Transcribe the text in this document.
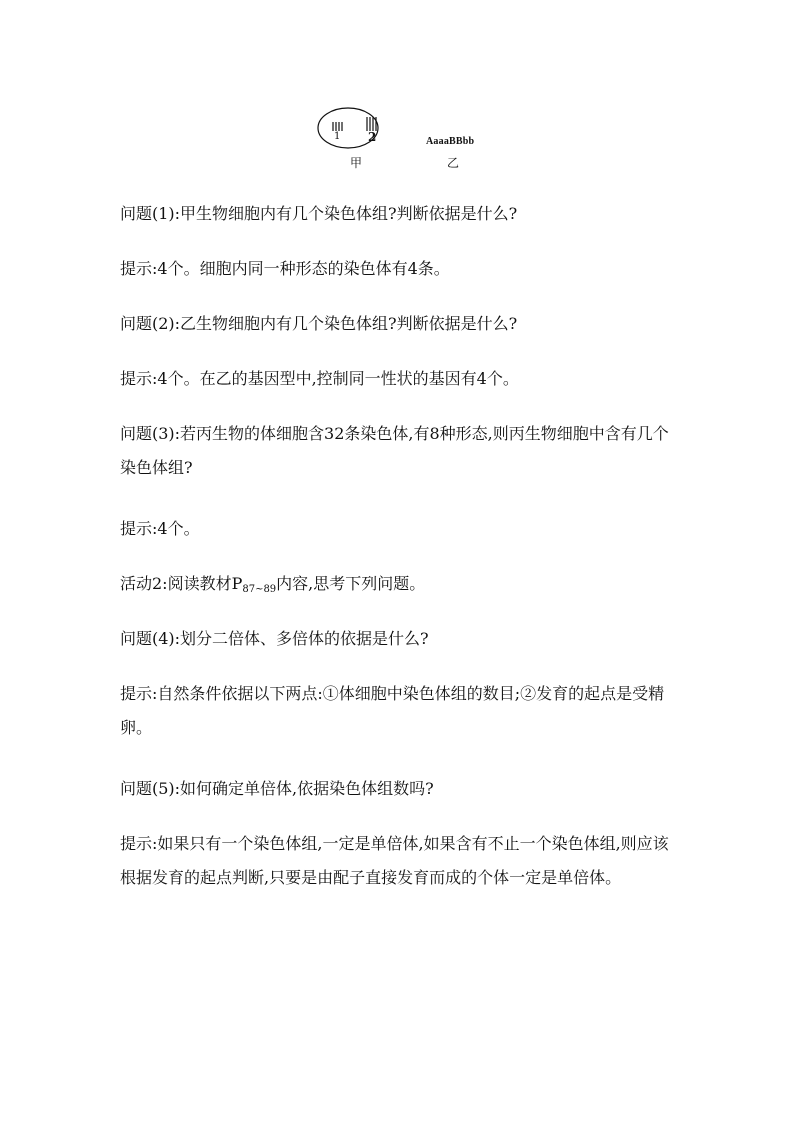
1 2
甲
AaaaBBbb
乙

问题(1):甲生物细胞内有几个染色体组?判断依据是什么?

提示:4个。细胞内同一种形态的染色体有4条。

问题(2):乙生物细胞内有几个染色体组?判断依据是什么?

提示:4个。在乙的基因型中,控制同一性状的基因有4个。

问题(3):若丙生物的体细胞含32条染色体,有8种形态,则丙生物细胞中含有几个染色体组?

提示:4个。

活动2:阅读教材$P_{87\sim 89}$内容,思考下列问题。

问题(4):划分二倍体、多倍体的依据是什么?

提示:自然条件依据以下两点:①体细胞中染色体组的数目;②发育的起点是受精卵。

问题(5):如何确定单倍体,依据染色体组数吗?

提示:如果只有一个染色体组,一定是单倍体,如果含有不止一个染色体组,则应该根据发育的起点判断,只要是由配子直接发育而成的个体一定是单倍体。
